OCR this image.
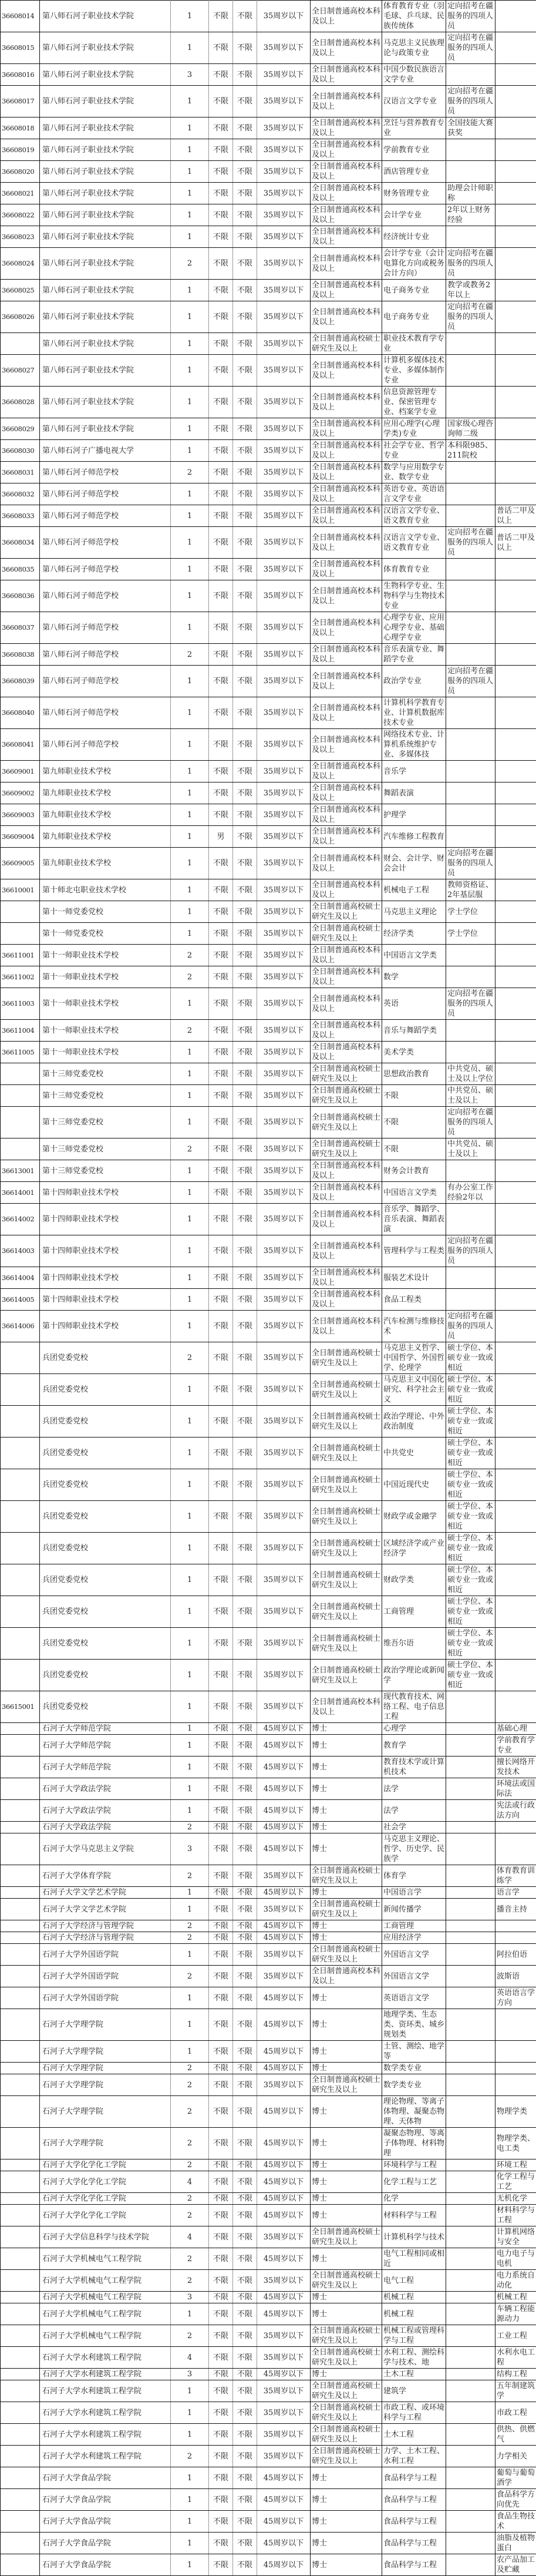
36608014	第八师石河子职业技术学院	1	不限	不限	35周岁以下	全日制普通高校本科及以上	体育教育专业（羽毛球、乒乓球、民族传统体	定向招考在疆服务的四项人员	
36608015	第八师石河子职业技术学院	1	不限	不限	35周岁以下	全日制普通高校本科及以上	马克思主义民族理论与政策专业	定向招考在疆服务的四项人员	
36608016	第八师石河子职业技术学院	3	不限	不限	35周岁以下	全日制普通高校本科及以上	中国少数民族语言文学专业		
36608017	第八师石河子职业技术学院	1	不限	不限	35周岁以下	全日制普通高校本科及以上	汉语言文学专业	定向招考在疆服务的四项人员	
36608018	第八师石河子职业技术学院	1	不限	不限	35周岁以下	全日制普通高校本科及以上	烹饪与营养教育专业	全国技能大赛获奖	
36608019	第八师石河子职业技术学院	1	不限	不限	35周岁以下	全日制普通高校本科及以上	学前教育专业		
36608020	第八师石河子职业技术学院	1	不限	不限	35周岁以下	全日制普通高校本科及以上	酒店管理专业		
36608021	第八师石河子职业技术学院	1	不限	不限	35周岁以下	全日制普通高校本科及以上	财务管理专业	助理会计师职称	
36608022	第八师石河子职业技术学院	1	不限	不限	35周岁以下	全日制普通高校本科及以上	会计学专业	2年以上财务经验	
36608023	第八师石河子职业技术学院	1	不限	不限	35周岁以下	全日制普通高校本科及以上	经济统计专业		
36608024	第八师石河子职业技术学院	2	不限	不限	35周岁以下	全日制普通高校本科及以上	会计学专业（会计电算化方向或税务会计方向）	定向招考在疆服务的四项人员	
36608025	第八师石河子职业技术学院	1	不限	不限	35周岁以下	全日制普通高校本科及以上	电子商务专业	教学或教务2年以上	
36608026	第八师石河子职业技术学院	1	不限	不限	35周岁以下	全日制普通高校本科及以上	电子商务专业	定向招考在疆服务的四项人员	
	第八师石河子职业技术学院	1	不限	不限	35周岁以下	全日制普通高校硕士研究生及以上	职业技术教育学专业		
36608027	第八师石河子职业技术学院	1	不限	不限	35周岁以下	全日制普通高校本科及以上	计算机多媒体技术专业、多媒体制作专业		
36608028	第八师石河子职业技术学院	1	不限	不限	35周岁以下	全日制普通高校本科及以上	信息资源管理专业、保密管理专业、档案学专业		
36608029	第八师石河子职业技术学院	1	不限	不限	35周岁以下	全日制普通高校本科及以上	应用心理学(心理学类)专业	国家级心理咨询师二级	
36608030	第八师石河子广播电视大学	1	不限	不限	35周岁以下	全日制普通高校本科及以上	社会学专业、哲学专业	本科限985、211院校	
36608031	第八师石河子师范学校	2	不限	不限	35周岁以下	全日制普通高校本科及以上	数学与应用数学专业、数学专业		
36608032	第八师石河子师范学校	1	不限	不限	35周岁以下	全日制普通高校本科及以上	英语专业、英语语言文学专业		
36608033	第八师石河子师范学校	1	不限	不限	35周岁以下	全日制普通高校本科及以上	汉语言文学专业、语文教育专业		普话二甲及以上
36608034	第八师石河子师范学校	1	不限	不限	35周岁以下	全日制普通高校本科及以上	汉语言文学专业、语文教育专业	定向招考在疆服务的四项人员	普话二甲及以上
36608035	第八师石河子师范学校	1	不限	不限	35周岁以下	全日制普通高校本科及以上	体育教育专业		
36608036	第八师石河子师范学校	1	不限	不限	35周岁以下	全日制普通高校本科及以上	生物科学专业、生物科学与生物技术专业		
36608037	第八师石河子师范学校	1	不限	不限	35周岁以下	全日制普通高校本科及以上	心理学专业、应用心理学专业、基础心理学专业		
36608038	第八师石河子师范学校	2	不限	不限	35周岁以下	全日制普通高校本科及以上	音乐表演专业、舞蹈学专业		
36608039	第八师石河子师范学校	1	不限	不限	35周岁以下	全日制普通高校本科及以上	政治学专业	定向招考在疆服务的四项人员	
36608040	第八师石河子师范学校	1	不限	不限	35周岁以下	全日制普通高校本科及以上	计算机科学教育专业、计算机数据库技术专业		
36608041	第八师石河子师范学校	1	不限	不限	35周岁以下	全日制普通高校本科及以上	网络技术专业、计算机系统维护专业、多媒体技		
36609001	第九师职业技术学校	1	不限	不限	35周岁以下	全日制普通高校本科及以上	音乐学		
36609002	第九师职业技术学校	1	不限	不限	35周岁以下	全日制普通高校本科及以上	舞蹈表演		
36609003	第九师职业技术学校	1	不限	不限	35周岁以下	全日制普通高校本科及以上	护理学		
36609004	第九师职业技术学校	1	男	不限	35周岁以下	全日制普通高校本科及以上	汽车维修工程教育		
36609005	第九师职业技术学校	1	不限	不限	35周岁以下	全日制普通高校本科及以上	财会、会计学、财会会计	定向招考在疆服务的四项人员	
36610001	第十师北屯职业技术学校	1	不限	不限	35周岁以下	全日制普通高校本科及以上	机械电子工程	教师资格证、2年基层服	
	第十一师党委党校	1	不限	不限	35周岁以下	全日制普通高校硕士研究生及以上	马克思主义理论	学士学位	
	第十一师党委党校	1	不限	不限	35周岁以下	全日制普通高校硕士研究生及以上	经济学类	学士学位	
36611001	第十一师职业技术学校	2	不限	不限	35周岁以下	全日制普通高校本科及以上	中国语言文学类		
36611002	第十一师职业技术学校	2	不限	不限	35周岁以下	全日制普通高校本科及以上	数学		
36611003	第十一师职业技术学校	1	不限	不限	35周岁以下	全日制普通高校本科及以上	英语	定向招考在疆服务的四项人员	
36611004	第十一师职业技术学校	2	不限	不限	35周岁以下	全日制普通高校本科及以上	音乐与舞蹈学类		
36611005	第十一师职业技术学校	1	不限	不限	35周岁以下	全日制普通高校本科及以上	美术学类		
	第十三师党委党校	1	不限	不限	35周岁以下	全日制普通高校硕士研究生及以上	思想政治教育	中共党员、硕士及以上学位	
	第十三师党委党校	1	不限	不限	35周岁以下	全日制普通高校硕士研究生及以上	不限	中共党员、硕士及以上	
	第十三师党委党校	1	不限	不限	35周岁以下	全日制普通高校硕士研究生及以上	不限	定向招考在疆服务的四项人员	
	第十三师党委党校	2	不限	不限	35周岁以下	全日制普通高校硕士研究生及以上	不限	中共党员、硕士及以上	
36613001	第十三师党委党校	1	不限	不限	35周岁以下	全日制普通高校本科及以上	财务会计教育		
36614001	第十四师职业技术学校	1	不限	不限	35周岁以下	全日制普通高校本科及以上	中国语言文学类	有办公室工作经验2年以	
36614002	第十四师职业技术学校	1	不限	不限	35周岁以下	全日制普通高校本科及以上	音乐学、舞蹈学、音乐表演、舞蹈表演		
36614003	第十四师职业技术学校	1	不限	不限	35周岁以下	全日制普通高校本科及以上	管理科学与工程类	定向招考在疆服务的四项人员	
36614004	第十四师职业技术学校	1	不限	不限	35周岁以下	全日制普通高校本科及以上	服装艺术设计		
36614005	第十四师职业技术学校	1	不限	不限	35周岁以下	全日制普通高校本科及以上	食品工程类		
36614006	第十四师职业技术学校	1	不限	不限	35周岁以下	全日制普通高校本科及以上	汽车检测与维修技术	定向招考在疆服务的四项人员	
	兵团党委党校	2	不限	不限	35周岁以下	全日制普通高校硕士研究生及以上	马克思主义哲学、中国哲学、外国哲学、伦理学	硕士学位、本硕专业一致或相近	
	兵团党委党校	1	不限	不限	35周岁以下	全日制普通高校硕士研究生及以上	马克思主义中国化研究、科学社会主义	硕士学位、本硕专业一致或相近	
	兵团党委党校	1	不限	不限	35周岁以下	全日制普通高校硕士研究生及以上	政治学理论、中外政治制度	硕士学位、本硕专业一致或相近	
	兵团党委党校	1	不限	不限	35周岁以下	全日制普通高校硕士研究生及以上	中共党史	硕士学位、本硕专业一致或相近	
	兵团党委党校	1	不限	不限	35周岁以下	全日制普通高校硕士研究生及以上	中国近现代史	硕士学位、本硕专业一致或相近	
	兵团党委党校	1	不限	不限	35周岁以下	全日制普通高校硕士研究生及以上	财政学或金融学	硕士学位、本硕专业一致或相近	
	兵团党委党校	1	不限	不限	35周岁以下	全日制普通高校硕士研究生及以上	区域经济学或产业经济学	硕士学位、本硕专业一致或相近	
	兵团党委党校	1	不限	不限	35周岁以下	全日制普通高校硕士研究生及以上	财政学类	硕士学位、本硕专业一致或相近	
	兵团党委党校	1	不限	不限	35周岁以下	全日制普通高校硕士研究生及以上	工商管理	硕士学位、本硕专业一致或相近	
	兵团党委党校	1	不限	不限	35周岁以下	全日制普通高校硕士研究生及以上	维吾尔语	硕士学位、本硕专业一致或相近	
	兵团党委党校	1	不限	不限	35周岁以下	全日制普通高校硕士研究生及以上	政治学理论或新闻学	硕士学位、本硕专业一致或相近	
36615001	兵团党委党校	1	不限	不限	35周岁以下	全日制普通高校本科及以上	现代教育技术、网络工程、电子信息工程		
	石河子大学师范学院	1	不限	不限	45周岁以下	博士	心理学		基础心理
	石河子大学师范学院	1	不限	不限	45周岁以下	博士	教育学		学前教育学专业
	石河子大学师范学院	1	不限	不限	45周岁以下	博士	教育技术学或计算机技术		擅长网络开发技术
	石河子大学政法学院	1	不限	不限	45周岁以下	博士	法学		环境法或国际法
	石河子大学政法学院	1	不限	不限	45周岁以下	博士	法学		宪法或行政法方向
	石河子大学政法学院	2	不限	不限	45周岁以下	博士	社会学		
	石河子大学马克思主义学院	3	不限	不限	45周岁以下	博士	马克思主义理论、哲学、历史学、民族学		
	石河子大学体育学院	2	不限	不限	35周岁以下	全日制普通高校硕士研究生及以上	体育学		体育教育训练学
	石河子大学文学艺术学院	1	不限	不限	45周岁以下	博士	中国语言学		语言学
	石河子大学文学艺术学院	1	不限	不限	35周岁以下	全日制普通高校硕士研究生及以上	新闻传播学		播音主持
	石河子大学经济与管理学院	2	不限	不限	45周岁以下	博士	工商管理		
	石河子大学经济与管理学院	2	不限	不限	45周岁以下	博士	应用经济学		
	石河子大学外国语学院	1	不限	不限	35周岁以下	全日制普通高校硕士研究生及以上	外国语言文学		阿拉伯语
	石河子大学外国语学院	2	不限	不限	35周岁以下	全日制普通高校本科及以上	外国语言文学		波斯语
	石河子大学外国语学院	1	不限	不限	45周岁以下	博士	英语语言文学		英语语言学方向
	石河子大学理学院	1	不限	不限	45周岁以下	博士	地理学类、生态类、资环类、城乡规划类		
	石河子大学理学院	1	不限	不限	45周岁以下	博士	土管、测绘、地学等		
	石河子大学理学院	2	不限	不限	45周岁以下	博士	数学类专业		
	石河子大学理学院	2	不限	不限	35周岁以下	全日制普通高校硕士研究生及以上	数学类专业		
	石河子大学理学院	2	不限	不限	45周岁以下	博士	理论物理、等离子体物理、凝聚态物理、天体物		物理学类
	石河子大学理学院	2	不限	不限	45周岁以下	博士	凝聚态物理、等离子体物理、材料物理		物理学类、电工类
	石河子大学化学化工学院	2	不限	不限	45周岁以下	博士	环境科学与工程		环境工程
	石河子大学化学化工学院	4	不限	不限	45周岁以下	博士	化学工程与工艺		化学工程与工艺
	石河子大学化学化工学院	2	不限	不限	45周岁以下	博士	化学		无机化学
	石河子大学化学化工学院	2	不限	不限	45周岁以下	博士	材料科学与工程		材料科学与工程
	石河子大学信息科学与技术学院	4	不限	不限	35周岁以下	全日制普通高校硕士研究生及以上	计算机科学与技术		计算机网络与安全
	石河子大学机械电气工程学院	2	不限	不限	45周岁以下	博士	电气工程相同或相近		电力电子与电机
	石河子大学机械电气工程学院	2	不限	不限	35周岁以下	全日制普通高校硕士研究生及以上	电气工程		电力系统自动化
	石河子大学机械电气工程学院	3	不限	不限	45周岁以下	博士	机械工程		机械工程
	石河子大学机械电气工程学院	1	不限	不限	45周岁以下	博士	机械工程		车辆工程能源动力
	石河子大学机械电气工程学院	2	不限	不限	35周岁以下	全日制普通高校硕士研究生及以上	机械工程或管理科学与工程		工业工程
	石河子大学水利建筑工程学院	4	不限	不限	35周岁以下	全日制普通高校硕士研究生及以上	水利工程、测绘科学与技术、地		水利水电工程
	石河子大学水利建筑工程学院	3	不限	不限	45周岁以下	博士	土木工程		结构工程
	石河子大学水利建筑工程学院	1	不限	不限	35周岁以下	全日制普通高校硕士研究生及以上	建筑学		五年制建筑学
	石河子大学水利建筑工程学院	1	不限	不限	35周岁以下	全日制普通高校硕士研究生及以上	市政工程、或环境科学与工程		市政工程
	石河子大学水利建筑工程学院	1	不限	不限	35周岁以下	全日制普通高校硕士研究生及以上	土木工程		供热、供燃气
	石河子大学水利建筑工程学院	2	不限	不限	35周岁以下	全日制普通高校硕士研究生及以上	力学、土木工程、水利工程		力学相关
	石河子大学食品学院	1	不限	不限	45周岁以下	博士	食品科学与工程		葡萄与葡萄酒学
	石河子大学食品学院	1	不限	不限	45周岁以下	博士	食品科学与工程		食品科学方向优先
	石河子大学食品学院	1	不限	不限	45周岁以下	博士	食品科学与工程		食品生物技术
	石河子大学食品学院	1	不限	不限	45周岁以下	博士	食品科学与工程		油脂及植物蛋白
	石河子大学食品学院	1	不限	不限	45周岁以下	博士	食品科学与工程		农产品加工及贮藏
